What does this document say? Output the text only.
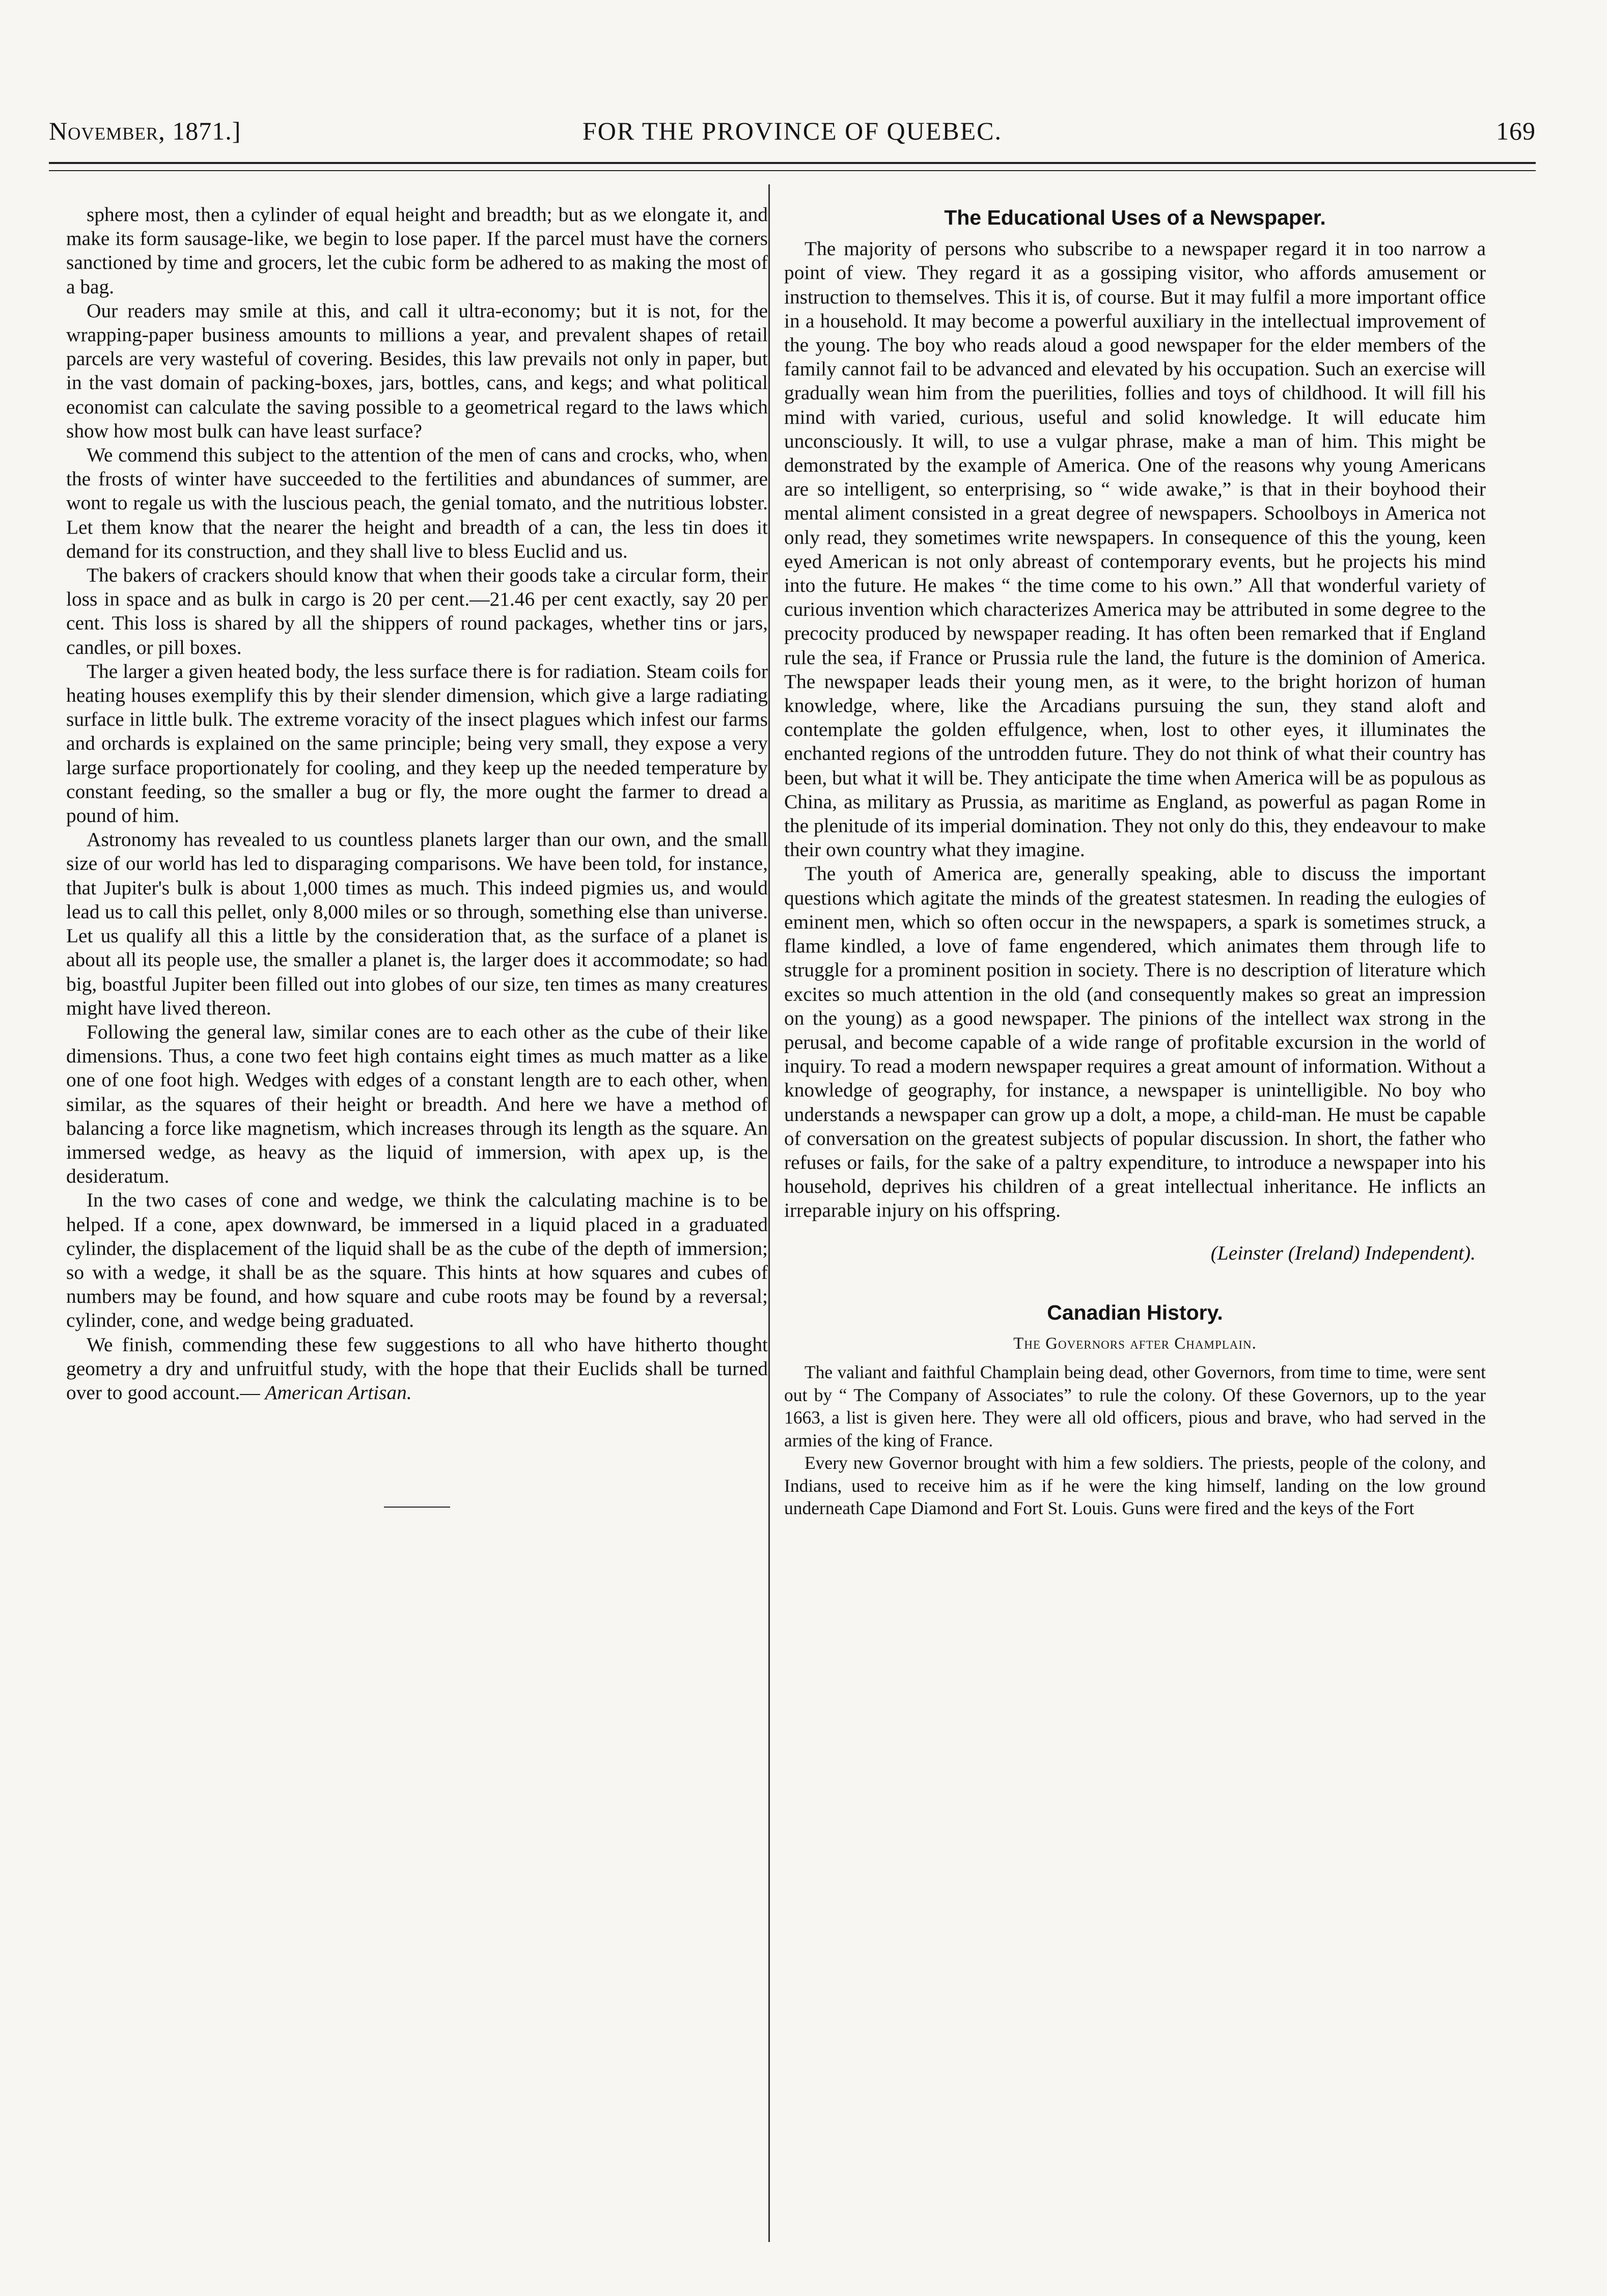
November, 1871.]	FOR THE PROVINCE OF QUEBEC.	169

sphere most, then a cylinder of equal height and breadth; but as we elongate it, and make its form sausage-like, we begin to lose paper. If the parcel must have the corners sanctioned by time and grocers, let the cubic form be adhered to as making the most of a bag.

Our readers may smile at this, and call it ultra-economy; but it is not, for the wrapping-paper business amounts to millions a year, and prevalent shapes of retail parcels are very wasteful of covering. Besides, this law prevails not only in paper, but in the vast domain of packing-boxes, jars, bottles, cans, and kegs; and what political economist can calculate the saving possible to a geometrical regard to the laws which show how most bulk can have least surface?

We commend this subject to the attention of the men of cans and crocks, who, when the frosts of winter have succeeded to the fertilities and abundances of summer, are wont to regale us with the luscious peach, the genial tomato, and the nutritious lobster. Let them know that the nearer the height and breadth of a can, the less tin does it demand for its construction, and they shall live to bless Euclid and us.

The bakers of crackers should know that when their goods take a circular form, their loss in space and as bulk in cargo is 20 per cent.—21.46 per cent exactly, say 20 per cent. This loss is shared by all the shippers of round packages, whether tins or jars, candles, or pill boxes.

The larger a given heated body, the less surface there is for radiation. Steam coils for heating houses exemplify this by their slender dimension, which give a large radiating surface in little bulk. The extreme voracity of the insect plagues which infest our farms and orchards is explained on the same principle; being very small, they expose a very large surface proportionately for cooling, and they keep up the needed temperature by constant feeding, so the smaller a bug or fly, the more ought the farmer to dread a pound of him.

Astronomy has revealed to us countless planets larger than our own, and the small size of our world has led to disparaging comparisons. We have been told, for instance, that Jupiter's bulk is about 1,000 times as much. This indeed pigmies us, and would lead us to call this pellet, only 8,000 miles or so through, something else than universe. Let us qualify all this a little by the consideration that, as the surface of a planet is about all its people use, the smaller a planet is, the larger does it accommodate; so had big, boastful Jupiter been filled out into globes of our size, ten times as many creatures might have lived thereon.

Following the general law, similar cones are to each other as the cube of their like dimensions. Thus, a cone two feet high contains eight times as much matter as a like one of one foot high. Wedges with edges of a constant length are to each other, when similar, as the squares of their height or breadth. And here we have a method of balancing a force like magnetism, which increases through its length as the square. An immersed wedge, as heavy as the liquid of immersion, with apex up, is the desideratum.

In the two cases of cone and wedge, we think the calculating machine is to be helped. If a cone, apex downward, be immersed in a liquid placed in a graduated cylinder, the displacement of the liquid shall be as the cube of the depth of immersion; so with a wedge, it shall be as the square. This hints at how squares and cubes of numbers may be found, and how square and cube roots may be found by a reversal; cylinder, cone, and wedge being graduated.

We finish, commending these few suggestions to all who have hitherto thought geometry a dry and unfruitful study, with the hope that their Euclids shall be turned over to good account.— American Artisan.

The Educational Uses of a Newspaper.

The majority of persons who subscribe to a newspaper regard it in too narrow a point of view. They regard it as a gossiping visitor, who affords amusement or instruction to themselves. This it is, of course. But it may fulfil a more important office in a household. It may become a powerful auxiliary in the intellectual improvement of the young. The boy who reads aloud a good newspaper for the elder members of the family cannot fail to be advanced and elevated by his occupation. Such an exercise will gradually wean him from the puerilities, follies and toys of childhood. It will fill his mind with varied, curious, useful and solid knowledge. It will educate him unconsciously. It will, to use a vulgar phrase, make a man of him. This might be demonstrated by the example of America. One of the reasons why young Americans are so intelligent, so enterprising, so “ wide awake,” is that in their boyhood their mental aliment consisted in a great degree of newspapers. Schoolboys in America not only read, they sometimes write newspapers. In consequence of this the young, keen eyed American is not only abreast of contemporary events, but he projects his mind into the future. He makes “ the time come to his own.” All that wonderful variety of curious invention which characterizes America may be attributed in some degree to the precocity produced by newspaper reading. It has often been remarked that if England rule the sea, if France or Prussia rule the land, the future is the dominion of America. The newspaper leads their young men, as it were, to the bright horizon of human knowledge, where, like the Arcadians pursuing the sun, they stand aloft and contemplate the golden effulgence, when, lost to other eyes, it illuminates the enchanted regions of the untrodden future. They do not think of what their country has been, but what it will be. They anticipate the time when America will be as populous as China, as military as Prussia, as maritime as England, as powerful as pagan Rome in the plenitude of its imperial domination. They not only do this, they endeavour to make their own country what they imagine.

The youth of America are, generally speaking, able to discuss the important questions which agitate the minds of the greatest statesmen. In reading the eulogies of eminent men, which so often occur in the newspapers, a spark is sometimes struck, a flame kindled, a love of fame engendered, which animates them through life to struggle for a prominent position in society. There is no description of literature which excites so much attention in the old (and consequently makes so great an impression on the young) as a good newspaper. The pinions of the intellect wax strong in the perusal, and become capable of a wide range of profitable excursion in the world of inquiry. To read a modern newspaper requires a great amount of information. Without a knowledge of geography, for instance, a newspaper is unintelligible. No boy who understands a newspaper can grow up a dolt, a mope, a child-man. He must be capable of conversation on the greatest subjects of popular discussion. In short, the father who refuses or fails, for the sake of a paltry expenditure, to introduce a newspaper into his household, deprives his children of a great intellectual inheritance. He inflicts an irreparable injury on his offspring.

(Leinster (Ireland) Independent).
Canadian History.
The Governors after Champlain.

The valiant and faithful Champlain being dead, other Governors, from time to time, were sent out by “ The Company of Associates” to rule the colony. Of these Governors, up to the year 1663, a list is given here. They were all old officers, pious and brave, who had served in the armies of the king of France.

Every new Governor brought with him a few soldiers. The priests, people of the colony, and Indians, used to receive him as if he were the king himself, landing on the low ground underneath Cape Diamond and Fort St. Louis. Guns were fired and the keys of the Fort
